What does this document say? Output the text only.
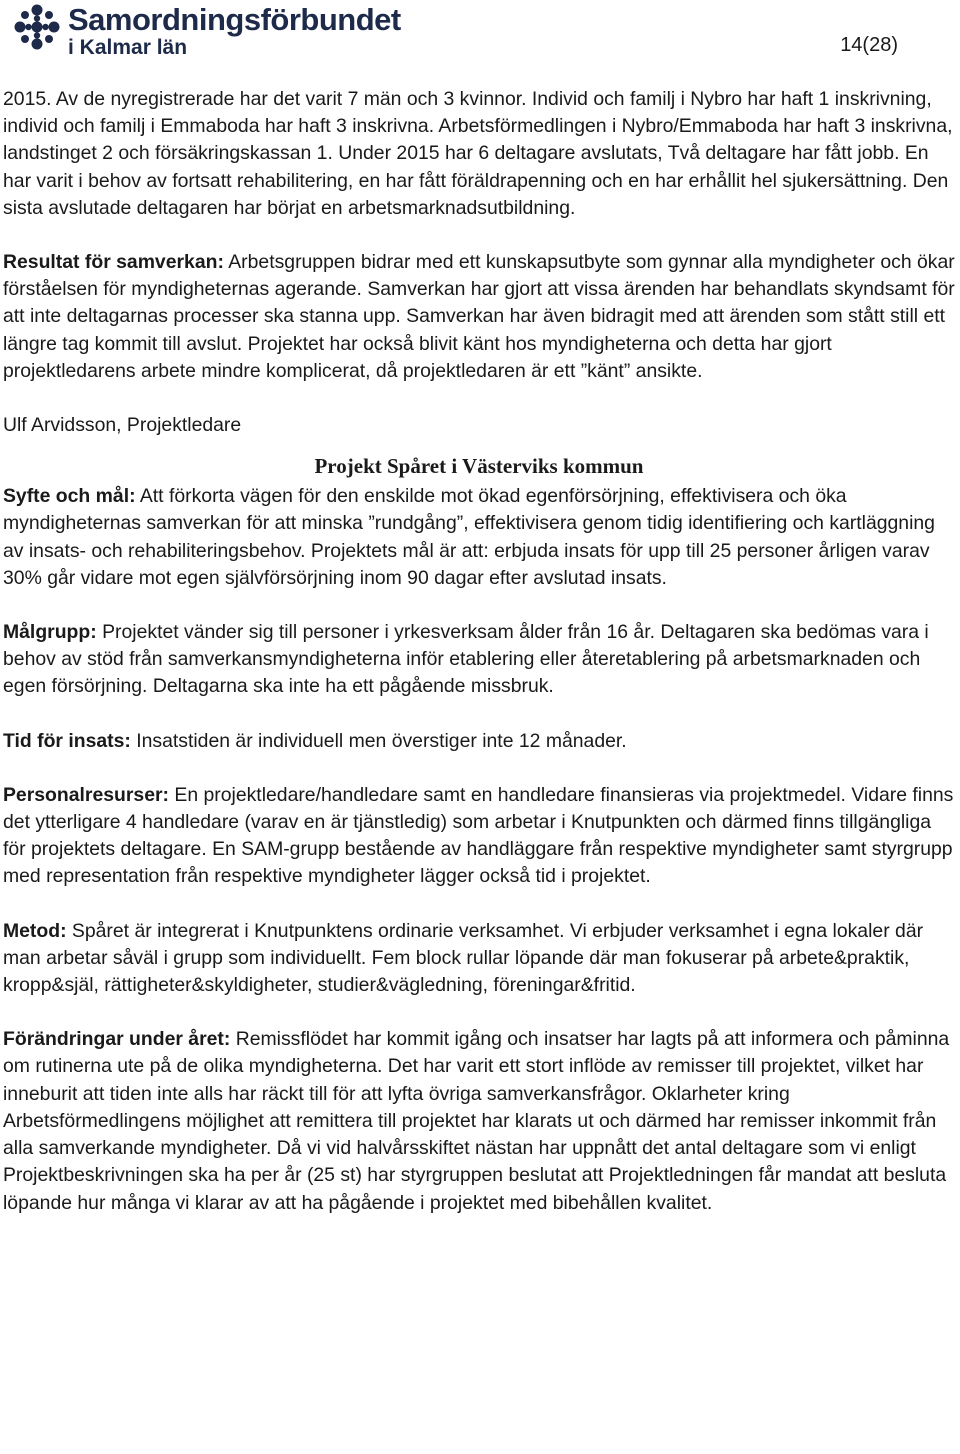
Samordningsförbundet
i Kalmar län	14(28)

2015. Av de nyregistrerade har det varit 7 män och 3 kvinnor. Individ och familj i Nybro har haft 1 inskrivning, individ och familj i Emmaboda har haft 3 inskrivna. Arbetsförmedlingen i Nybro/Emmaboda har haft 3 inskrivna, landstinget 2 och försäkringskassan 1. Under 2015 har 6 deltagare avslutats, Två deltagare har fått jobb. En har varit i behov av fortsatt rehabilitering, en har fått föräldrapenning och en har erhållit hel sjukersättning. Den sista avslutade deltagaren har börjat en arbetsmarknadsutbildning.

Resultat för samverkan: Arbetsgruppen bidrar med ett kunskapsutbyte som gynnar alla myndigheter och ökar förståelsen för myndigheternas agerande. Samverkan har gjort att vissa ärenden har behandlats skyndsamt för att inte deltagarnas processer ska stanna upp. Samverkan har även bidragit med att ärenden som stått still ett längre tag kommit till avslut. Projektet har också blivit känt hos myndigheterna och detta har gjort projektledarens arbete mindre komplicerat, då projektledaren är ett ”känt” ansikte.

Ulf Arvidsson, Projektledare

Projekt Spåret i Västerviks kommun

Syfte och mål: Att förkorta vägen för den enskilde mot ökad egenförsörjning, effektivisera och öka myndigheternas samverkan för att minska ”rundgång”, effektivisera genom tidig identifiering och kartläggning av insats- och rehabiliteringsbehov. Projektets mål är att: erbjuda insats för upp till 25 personer årligen varav 30% går vidare mot egen självförsörjning inom 90 dagar efter avslutad insats.

Målgrupp: Projektet vänder sig till personer i yrkesverksam ålder från 16 år. Deltagaren ska bedömas vara i behov av stöd från samverkansmyndigheterna inför etablering eller återetablering på arbetsmarknaden och egen försörjning. Deltagarna ska inte ha ett pågående missbruk.

Tid för insats: Insatstiden är individuell men överstiger inte 12 månader.

Personalresurser: En projektledare/handledare samt en handledare finansieras via projektmedel. Vidare finns det ytterligare 4 handledare (varav en är tjänstledig) som arbetar i Knutpunkten och därmed finns tillgängliga för projektets deltagare. En SAM-grupp bestående av handläggare från respektive myndigheter samt styrgrupp med representation från respektive myndigheter lägger också tid i projektet.

Metod: Spåret är integrerat i Knutpunktens ordinarie verksamhet. Vi erbjuder verksamhet i egna lokaler där man arbetar såväl i grupp som individuellt. Fem block rullar löpande där man fokuserar på arbete&praktik, kropp&själ, rättigheter&skyldigheter, studier&vägledning, föreningar&fritid.

Förändringar under året: Remissflödet har kommit igång och insatser har lagts på att informera och påminna om rutinerna ute på de olika myndigheterna. Det har varit ett stort inflöde av remisser till projektet, vilket har inneburit att tiden inte alls har räckt till för att lyfta övriga samverkansfrågor. Oklarheter kring Arbetsförmedlingens möjlighet att remittera till projektet har klarats ut och därmed har remisser inkommit från alla samverkande myndigheter. Då vi vid halvårsskiftet nästan har uppnått det antal deltagare som vi enligt Projektbeskrivningen ska ha per år (25 st) har styrgruppen beslutat att Projektledningen får mandat att besluta löpande hur många vi klarar av att ha pågående i projektet med bibehållen kvalitet.
